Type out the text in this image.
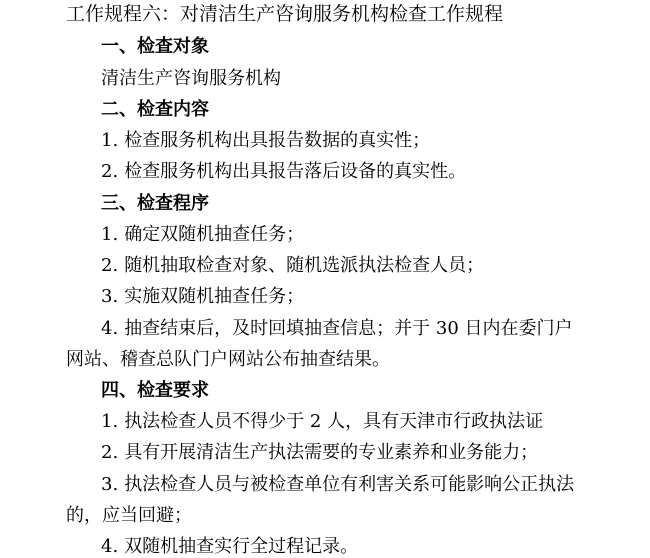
工作规程六：对清洁生产咨询服务机构检查工作规程
一、检查对象
清洁生产咨询服务机构
二、检查内容
1. 检查服务机构出具报告数据的真实性；
2. 检查服务机构出具报告落后设备的真实性。
三、检查程序
1. 确定双随机抽查任务；
2. 随机抽取检查对象、随机选派执法检查人员；
3. 实施双随机抽查任务；
4. 抽查结束后，及时回填抽查信息；并于 30 日内在委门户
网站、稽查总队门户网站公布抽查结果。
四、检查要求
1. 执法检查人员不得少于 2 人，具有天津市行政执法证
2. 具有开展清洁生产执法需要的专业素养和业务能力；
3. 执法检查人员与被检查单位有利害关系可能影响公正执法
的，应当回避；
4. 双随机抽查实行全过程记录。
